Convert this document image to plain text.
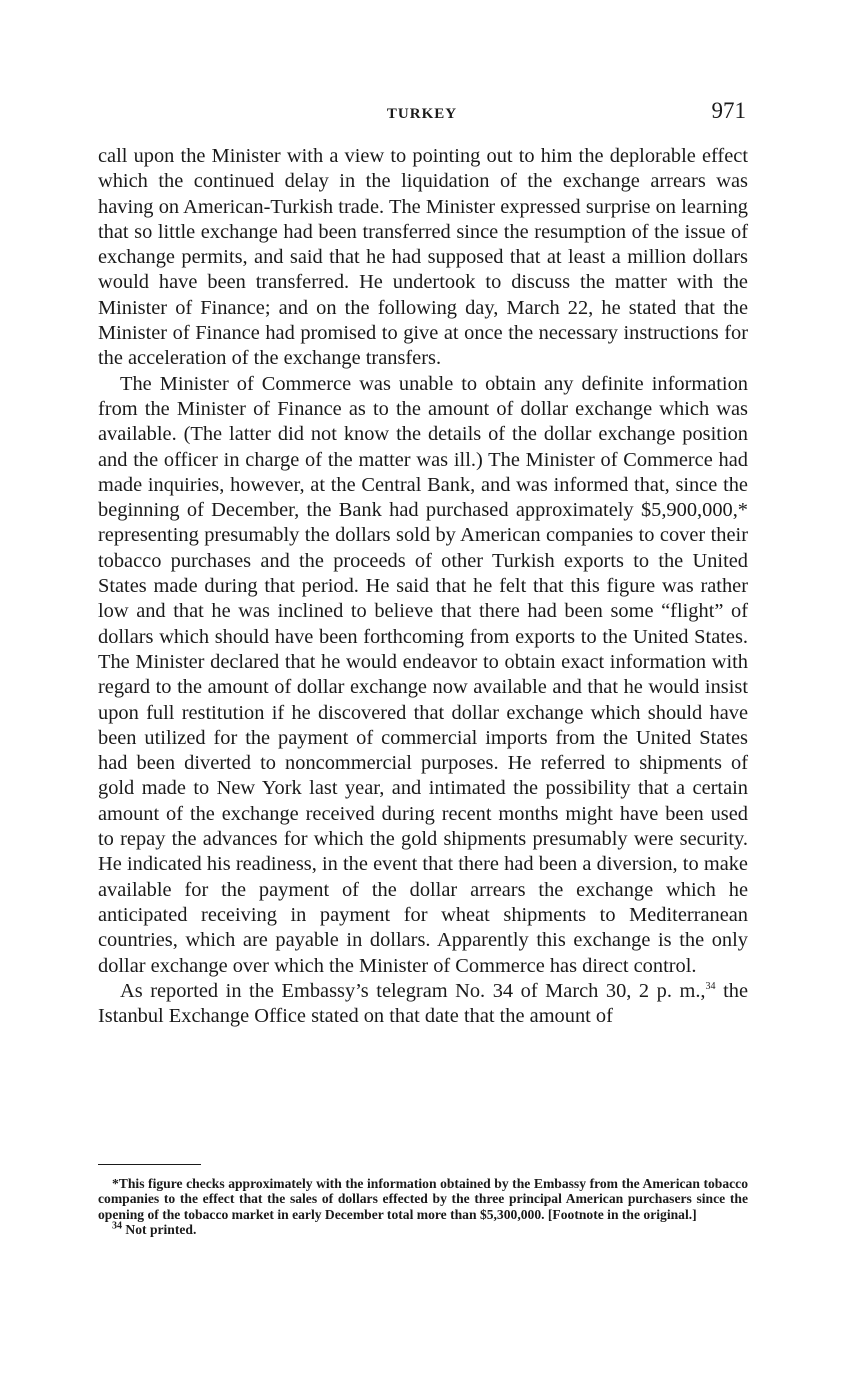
TURKEY	971

call upon the Minister with a view to pointing out to him the deplorable effect which the continued delay in the liquidation of the exchange arrears was having on American-Turkish trade. The Minister expressed surprise on learning that so little exchange had been transferred since the resumption of the issue of exchange permits, and said that he had supposed that at least a million dollars would have been transferred. He undertook to discuss the matter with the Minister of Finance; and on the following day, March 22, he stated that the Minister of Finance had promised to give at once the necessary instructions for the acceleration of the exchange transfers.

The Minister of Commerce was unable to obtain any definite information from the Minister of Finance as to the amount of dollar exchange which was available. (The latter did not know the details of the dollar exchange position and the officer in charge of the matter was ill.) The Minister of Commerce had made inquiries, however, at the Central Bank, and was informed that, since the beginning of December, the Bank had purchased approximately $5,900,000,* representing presumably the dollars sold by American companies to cover their tobacco purchases and the proceeds of other Turkish exports to the United States made during that period. He said that he felt that this figure was rather low and that he was inclined to believe that there had been some “flight” of dollars which should have been forthcoming from exports to the United States. The Minister declared that he would endeavor to obtain exact information with regard to the amount of dollar exchange now available and that he would insist upon full restitution if he discovered that dollar exchange which should have been utilized for the payment of commercial imports from the United States had been diverted to noncommercial purposes. He referred to shipments of gold made to New York last year, and intimated the possibility that a certain amount of the exchange received during recent months might have been used to repay the advances for which the gold shipments presumably were security. He indicated his readiness, in the event that there had been a diversion, to make available for the payment of the dollar arrears the exchange which he anticipated receiving in payment for wheat shipments to Mediterranean countries, which are payable in dollars. Apparently this exchange is the only dollar exchange over which the Minister of Commerce has direct control.

As reported in the Embassy’s telegram No. 34 of March 30, 2 p. m.,$^{34}$ the Istanbul Exchange Office stated on that date that the amount of

*This figure checks approximately with the information obtained by the Embassy from the American tobacco companies to the effect that the sales of dollars effected by the three principal American purchasers since the opening of the tobacco market in early December total more than $5,300,000. [Footnote in the original.]

$^{34}$ Not printed.
